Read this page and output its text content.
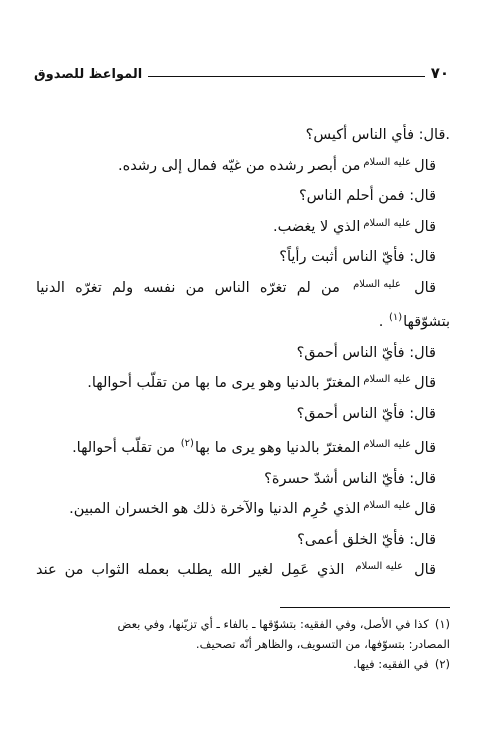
٧٠
المواعظ للصدوق
.قال: فأي الناس أكيس؟
قالعليه السلاممن أبصر رشده من غيّه فمال إلى رشده.
قال: فمن أحلم الناس؟
قالعليه السلامالذي لا يغضب.
قال: فأيّ الناس أثبت رأياً؟
قال عليه السلام من لم تغرّه الناس من نفسه ولم تغرّه الدنيا
بتشوّقها$^{(١)}$ .
قال: فأيّ الناس أحمق؟
قالعليه السلامالمغترّ بالدنيا وهو يرى ما بها من تقلّب أحوالها.
قال: فأيّ الناس أحمق؟
قالعليه السلامالمغترّ بالدنيا وهو يرى ما بها$^{(٢)}$ من تقلّب أحوالها.
قال: فأيّ الناس أشدّ حسرة؟
قالعليه السلامالذي حُرِم الدنيا والآخرة ذلك هو الخسران المبين.
قال: فأيّ الخلق أعمى؟
قال عليه السلام الذي عَمِل لغير الله يطلب بعمله الثواب من عند
(١)كذا في الأصل، وفي الفقيه: بتشوّقها ـ بالفاء ـ أي تزيّنها، وفي بعض
المصادر: بتسوّفها، من التسويف، والظاهر أنّه تصحيف.
(٢)في الفقيه: فيها.
